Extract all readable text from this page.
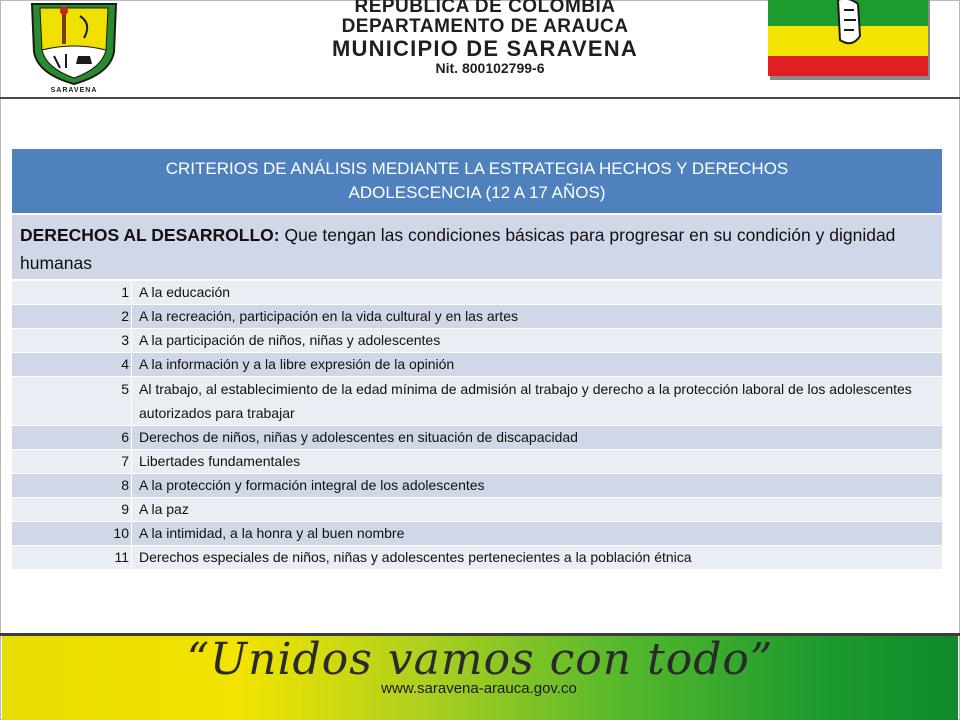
SARAVENA
REPUBLICA DE COLOMBIA
DEPARTAMENTO DE ARAUCA
MUNICIPIO DE SARAVENA
Nit. 800102799-6
CRITERIOS DE ANÁLISIS MEDIANTE LA ESTRATEGIA HECHOS Y DERECHOS
ADOLESCENCIA (12 A 17 AÑOS)
DERECHOS AL DESARROLLO: Que tengan las condiciones básicas para progresar en su condición y dignidad humanas
1 A la educación
2 A la recreación, participación en la vida cultural y en las artes
3 A la participación de niños, niñas y adolescentes
4 A la información y a la libre expresión de la opinión
5 Al trabajo, al establecimiento de la edad mínima de admisión al trabajo y derecho a la protección laboral de los adolescentes autorizados para trabajar
6 Derechos de niños, niñas y adolescentes en situación de discapacidad
7 Libertades fundamentales
8 A la protección y formación integral de los adolescentes
9 A la paz
10 A la intimidad, a la honra y al buen nombre
11 Derechos especiales de niños, niñas y adolescentes pertenecientes a la población étnica
“Unidos vamos con todo”
www.saravena-arauca.gov.co
